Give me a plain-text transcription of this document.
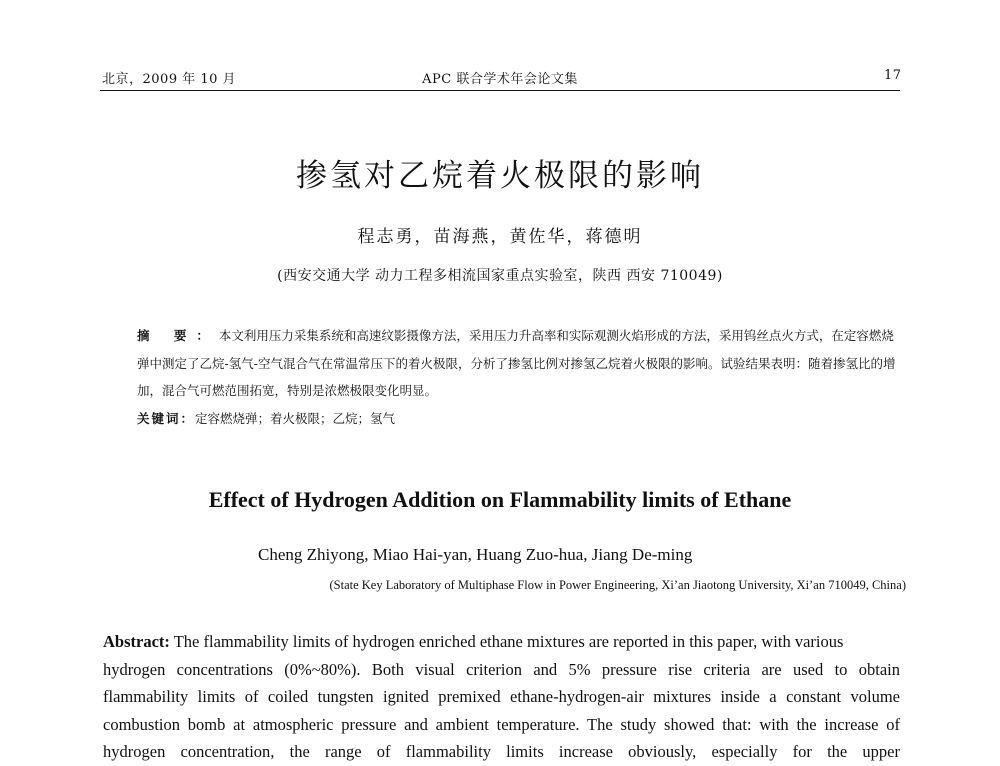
北京，2009 年 10 月	APC 联合学术年会论文集	17
掺氢对乙烷着火极限的影响
程志勇，苗海燕，黄佐华，蒋德明
(西安交通大学 动力工程多相流国家重点实验室，陕西 西安 710049)

摘 要：本文利用压力采集系统和高速纹影摄像方法，采用压力升高率和实际观测火焰形成的方法，采用钨丝点火方式，在定容燃烧弹中测定了乙烷-氢气-空气混合气在常温常压下的着火极限，分析了掺氢比例对掺氢乙烷着火极限的影响。试验结果表明：随着掺氢比的增加，混合气可燃范围拓宽，特别是浓燃极限变化明显。

关键词：定容燃烧弹；着火极限；乙烷；氢气

Effect of Hydrogen Addition on Flammability limits of Ethane
Cheng Zhiyong, Miao Hai-yan, Huang Zuo-hua, Jiang De-ming
(State Key Laboratory of Multiphase Flow in Power Engineering, Xi’an Jiaotong University, Xi’an 710049, China)
Abstract: The flammability limits of hydrogen enriched ethane mixtures are reported in this paper, with various
hydrogen concentrations (0%~80%). Both visual criterion and 5% pressure rise criteria are used to obtain
flammability limits of coiled tungsten ignited premixed ethane-hydrogen-air mixtures inside a constant volume
combustion bomb at atmospheric pressure and ambient temperature. The study showed that: with the increase of
hydrogen concentration, the range of flammability limits increase obviously, especially for the upper
